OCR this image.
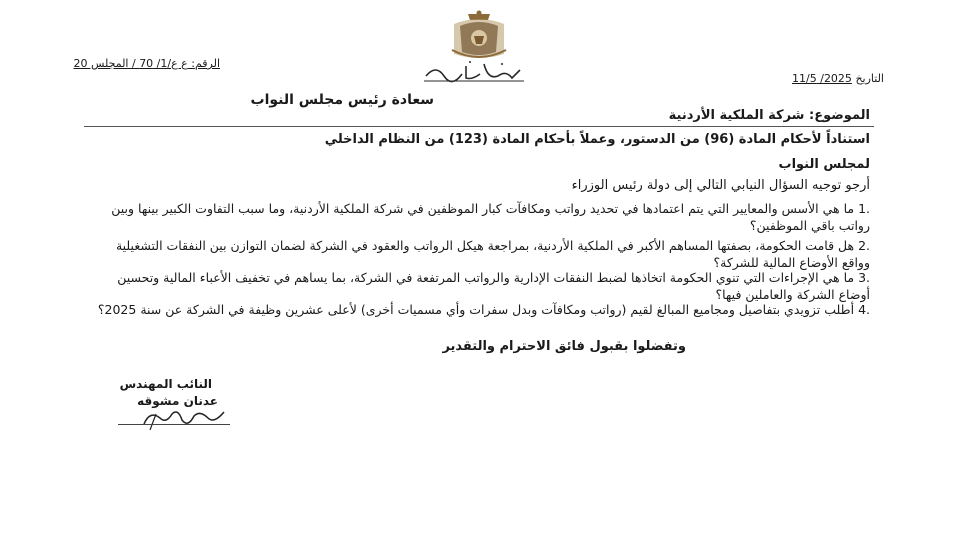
الرقم: ع ع/1/ 70 / المجلس 20
التاريخ 2025/ 11/5
سعادة رئيس مجلس النواب
الموضوع: شركة الملكية الأردنية
استناداً لأحكام المادة (96) من الدستور، وعملاً بأحكام المادة (123) من النظام الداخلي
لمجلس النواب
أرجو توجيه السؤال النيابي التالي إلى دولة رئيس الوزراء
.1 ما هي الأسس والمعايير التي يتم اعتمادها في تحديد رواتب ومكافآت كبار الموظفين في شركة الملكية الأردنية، وما سبب التفاوت الكبير بينها وبين رواتب باقي الموظفين؟
.2 هل قامت الحكومة، بصفتها المساهم الأكبر في الملكية الأردنية، بمراجعة هيكل الرواتب والعقود في الشركة لضمان التوازن بين النفقات التشغيلية وواقع الأوضاع المالية للشركة؟
.3 ما هي الإجراءات التي تنوي الحكومة اتخاذها لضبط النفقات الإدارية والرواتب المرتفعة في الشركة، بما يساهم في تخفيف الأعباء المالية وتحسين أوضاع الشركة والعاملين فيها؟
.4 أطلب تزويدي بتفاصيل ومجاميع المبالغ لقيم (رواتب ومكافآت وبدل سفرات وأي مسميات أخرى) لأعلى عشرين وظيفة في الشركة عن سنة 2025؟
وتفضلوا بقبول فائق الاحترام والتقدير
النائب المهندس
عدنان مشوقه
